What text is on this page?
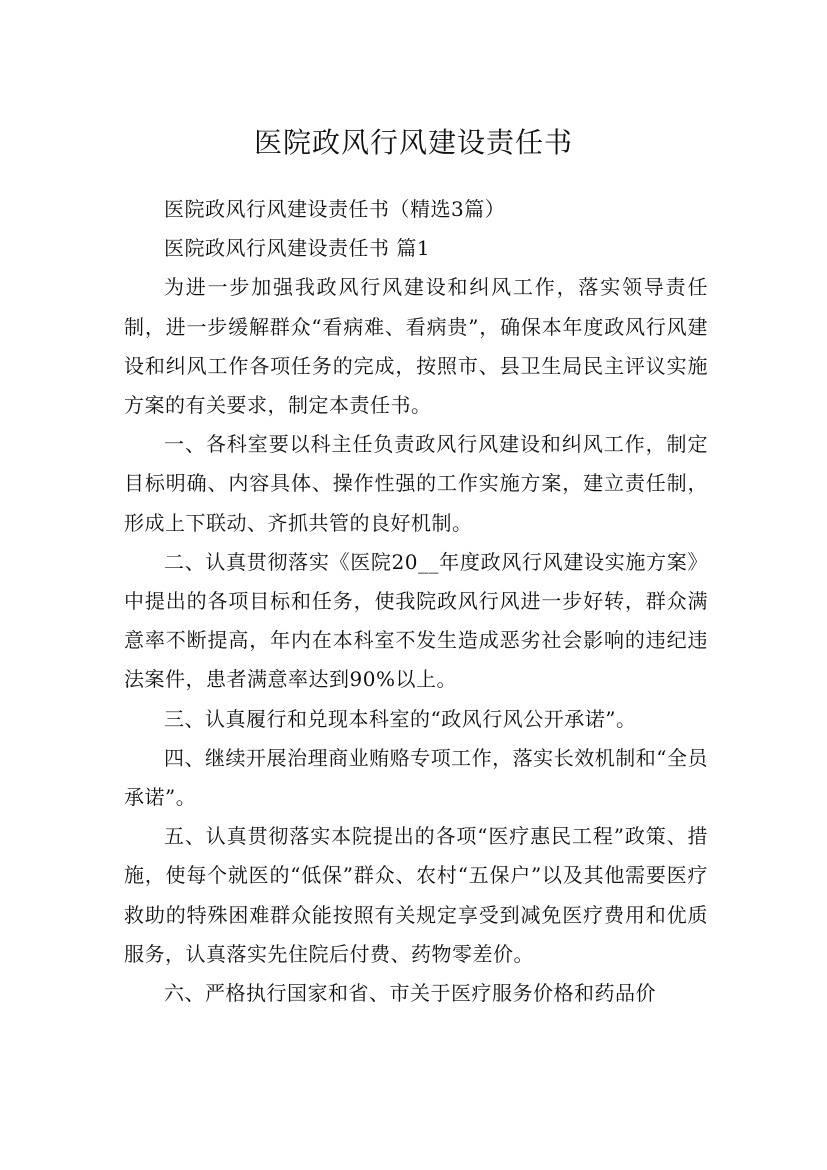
医院政风行风建设责任书

医院政风行风建设责任书（精选3篇）

医院政风行风建设责任书 篇1

为进一步加强我政风行风建设和纠风工作，落实领导责任制，进一步缓解群众“看病难、看病贵”，确保本年度政风行风建设和纠风工作各项任务的完成，按照市、县卫生局民主评议实施方案的有关要求，制定本责任书。

一、各科室要以科主任负责政风行风建设和纠风工作，制定目标明确、内容具体、操作性强的工作实施方案，建立责任制，形成上下联动、齐抓共管的良好机制。

二、认真贯彻落实《医院20__年度政风行风建设实施方案》中提出的各项目标和任务，使我院政风行风进一步好转，群众满意率不断提高，年内在本科室不发生造成恶劣社会影响的违纪违法案件，患者满意率达到90%以上。

三、认真履行和兑现本科室的“政风行风公开承诺”。

四、继续开展治理商业贿赂专项工作，落实长效机制和“全员承诺”。

五、认真贯彻落实本院提出的各项“医疗惠民工程”政策、措施，使每个就医的“低保”群众、农村“五保户”以及其他需要医疗救助的特殊困难群众能按照有关规定享受到减免医疗费用和优质服务，认真落实先住院后付费、药物零差价。

六、严格执行国家和省、市关于医疗服务价格和药品价
